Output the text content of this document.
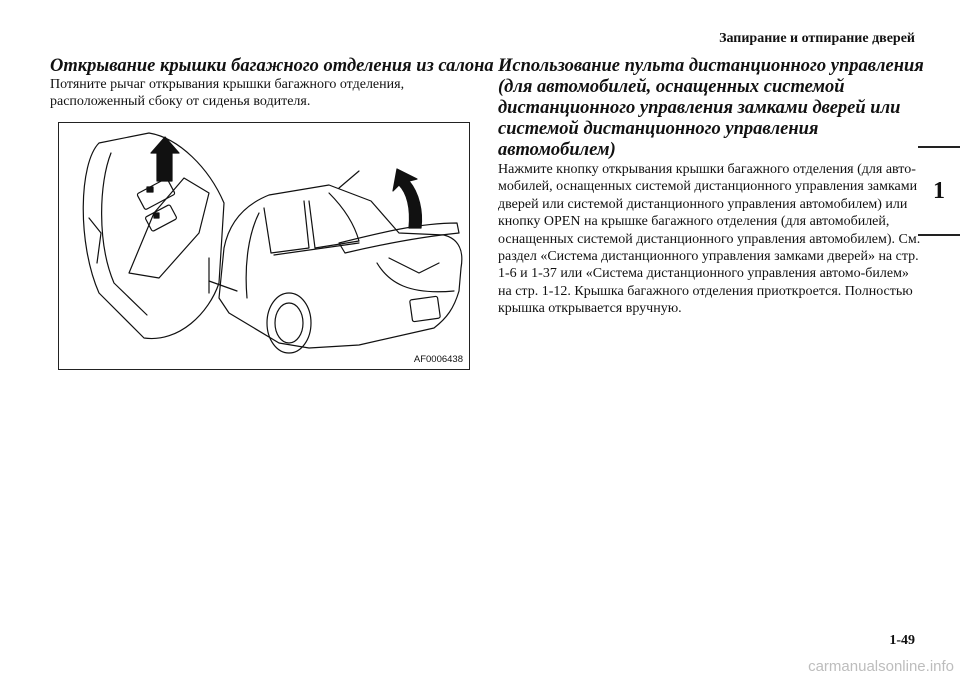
Запирание и отпирание дверей
1
Открывание крышки багажного отделения из салона

Потяните рычаг открывания крышки багажного отделения, расположенный сбоку от сиденья водителя.

AF0006438
Использование пульта дистанционного управления (для автомобилей, оснащенных системой дистанционного управления замками дверей или системой дистанционного управления автомобилем)

Нажмите кнопку открывания крышки багажного отделения (для авто-мобилей, оснащенных системой дистанционного управления замками дверей или системой дистанционного управления автомобилем) или кнопку OPEN на крышке багажного отделения (для автомобилей, оснащенных системой дистанционного управления автомобилем). См. раздел «Система дистанционного управления замками дверей» на стр. 1-6 и 1-37 или «Система дистанционного управления автомо-билем» на стр. 1-12. Крышка багажного отделения приоткроется. Полностью крышка открывается вручную.

1-49
carmanualsonline.info
